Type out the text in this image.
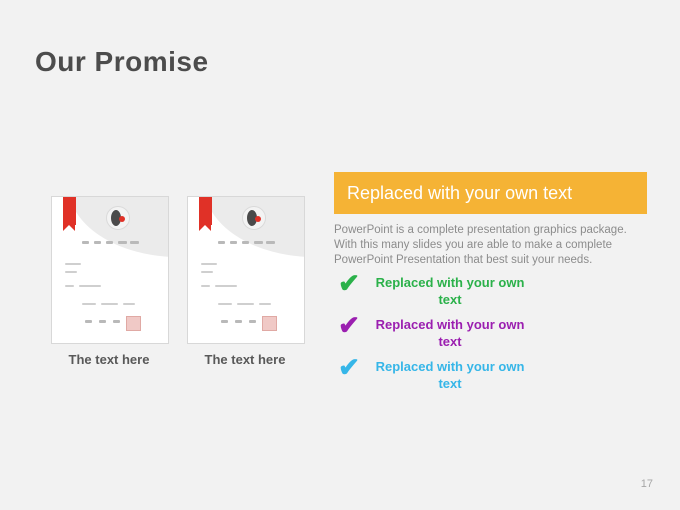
Our Promise
The text here	The text here
Replaced with your own text
PowerPoint is a complete presentation graphics package. With this many slides you are able to make a complete PowerPoint Presentation that best suit your needs.
✔	Replaced with your own text
✔	Replaced with your own text
✔	Replaced with your own text
17
